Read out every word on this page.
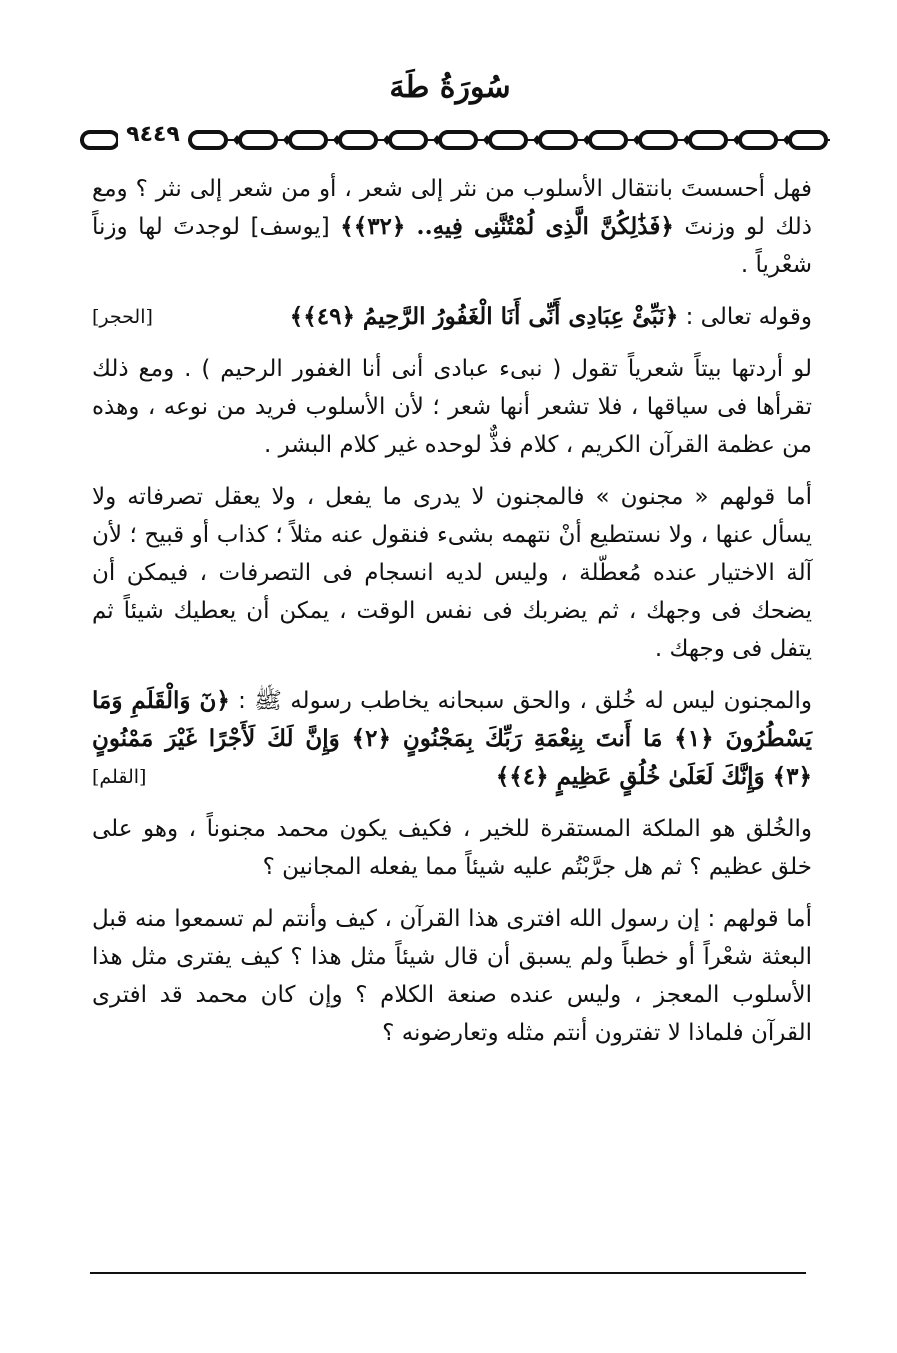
سُورَةُ طَهَ
٩٤٤٩

فهل أحسستَ بانتقال الأسلوب من نثر إلى شعر ، أو من شعر إلى نثر ؟ ومع ذلك لو وزنتَ ﴿فَذَٰلِكُنَّ الَّذِى لُمْتُنَّنِى فِيهِ.. ﴿٣٢﴾﴾ [يوسف] لوجدتَ لها وزناً شعْرياً .

وقوله تعالى : ﴿نَبِّئْ عِبَادِى أَنِّى أَنَا الْغَفُورُ الرَّحِيمُ ﴿٤٩﴾﴾
[الحجر]

لو أردتها بيتاً شعرياً تقول ( نبىء عبادى أنى أنا الغفور الرحيم ) . ومع ذلك تقرأها فى سياقها ، فلا تشعر أنها شعر ؛ لأن الأسلوب فريد من نوعه ، وهذه من عظمة القرآن الكريم ، كلام فذٌّ لوحده غير كلام البشر .

أما قولهم « مجنون » فالمجنون لا يدرى ما يفعل ، ولا يعقل تصرفاته ولا يسأل عنها ، ولا نستطيع أنْ نتهمه بشىء فنقول عنه مثلاً ؛ كذاب أو قبيح ؛ لأن آلة الاختيار عنده مُعطّلة ، وليس لديه انسجام فى التصرفات ، فيمكن أن يضحك فى وجهك ، ثم يضربك فى نفس الوقت ، يمكن أن يعطيك شيئاً ثم يتفل فى وجهك .

والمجنون ليس له خُلق ، والحق سبحانه يخاطب رسوله ﷺ : ﴿نٓ وَالْقَلَمِ وَمَا يَسْطُرُونَ ﴿١﴾ مَا أَنتَ بِنِعْمَةِ رَبِّكَ بِمَجْنُونٍ ﴿٢﴾ وَإِنَّ لَكَ لَأَجْرًا غَيْرَ مَمْنُونٍ ﴿٣﴾ وَإِنَّكَ لَعَلَىٰ خُلُقٍ عَظِيمٍ ﴿٤﴾﴾
[القلم]

والخُلق هو الملكة المستقرة للخير ، فكيف يكون محمد مجنوناً ، وهو على خلق عظيم ؟ ثم هل جرَّبْتُم عليه شيئاً مما يفعله المجانين ؟

أما قولهم : إن رسول الله افترى هذا القرآن ، كيف وأنتم لم تسمعوا منه قبل البعثة شعْراً أو خطباً ولم يسبق أن قال شيئاً مثل هذا ؟ كيف يفترى مثل هذا الأسلوب المعجز ، وليس عنده صنعة الكلام ؟ وإن كان محمد قد افترى القرآن فلماذا لا تفترون أنتم مثله وتعارضونه ؟
